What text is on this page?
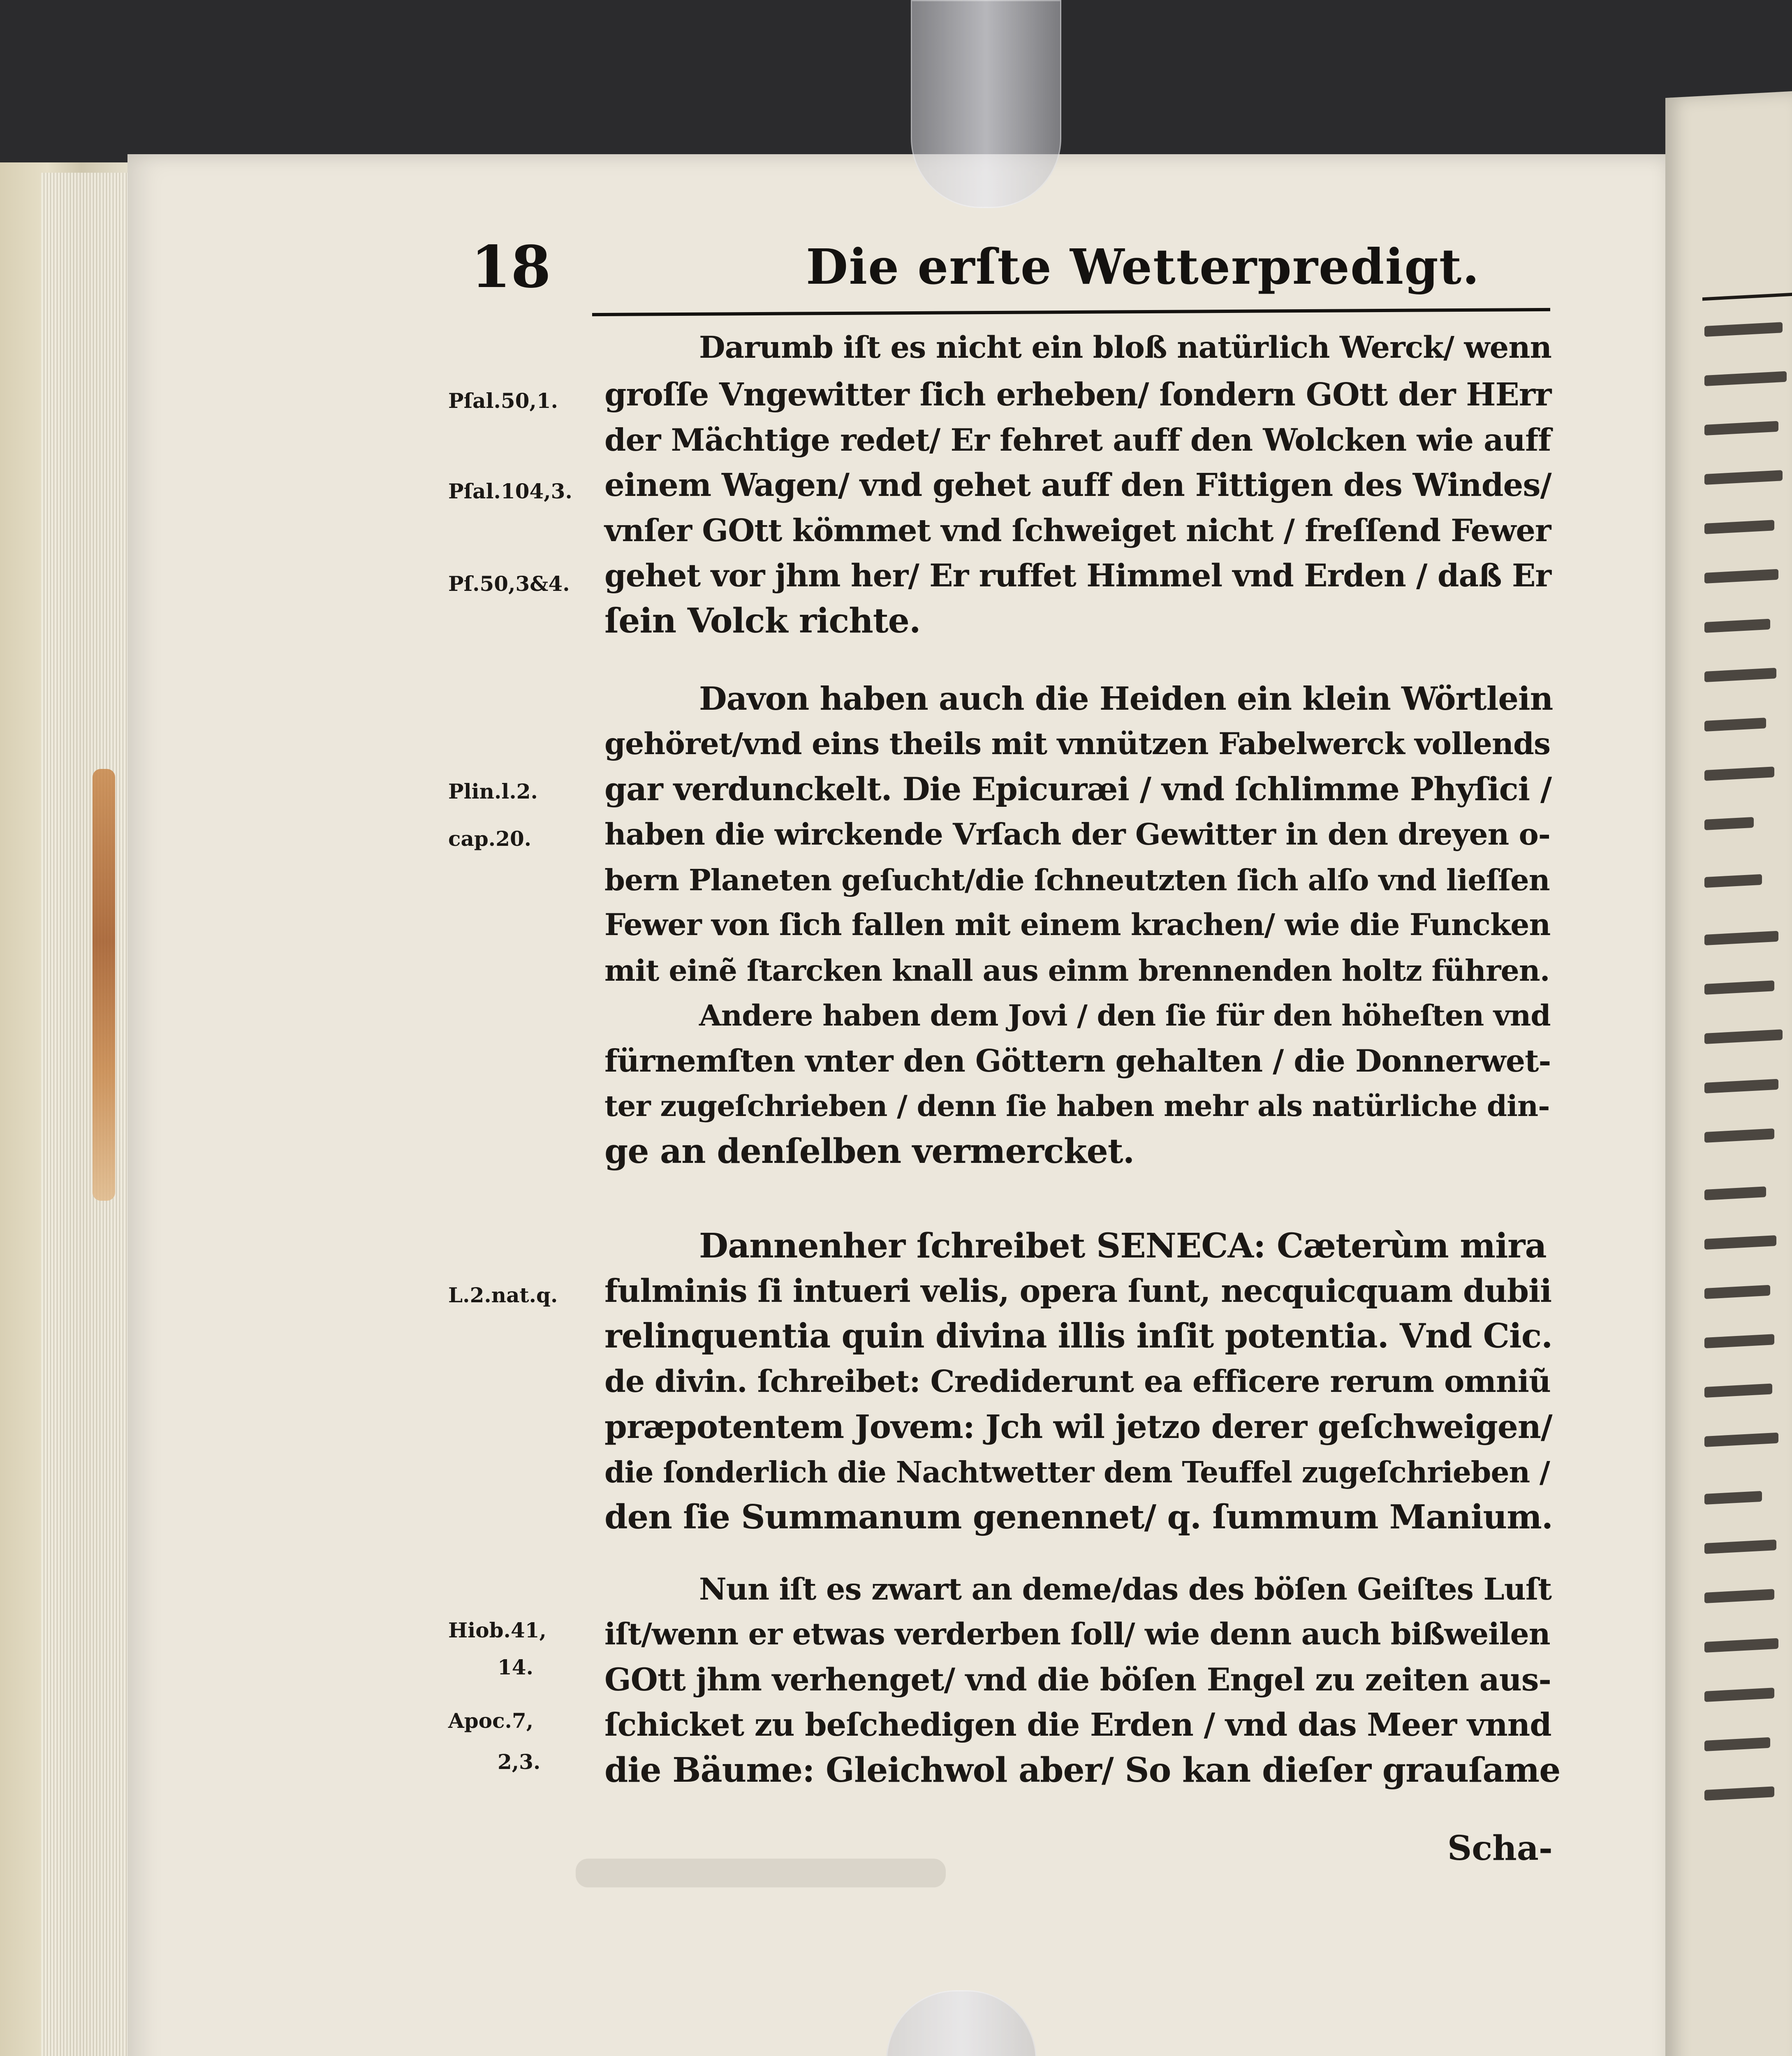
18	Die erſte Wetterpredigt.
Pſal.50,1.
Pſal.104,3.
Pſ.50,3&4.
Plin.l.2.
cap.20.
L.2.nat.q.
Hiob.41,
14.
Apoc.7,
2,3.
Darumb iſt es nicht ein bloß natürlich Werck/ wenn
groſſe Vngewitter ſich erheben/ ſondern GOtt der HErr
der Mächtige redet/ Er fehret auff den Wolcken wie auff
einem Wagen/ vnd gehet auff den Fittigen des Windes/
vnſer GOtt kömmet vnd ſchweiget nicht / freſſend Fewer
gehet vor jhm her/ Er ruffet Himmel vnd Erden / daß Er
ſein Volck richte.
Davon haben auch die Heiden ein klein Wörtlein
gehöret/vnd eins theils mit vnnützen Fabelwerck vollends
gar verdunckelt. Die Epicuræi / vnd ſchlimme Phyſici /
haben die wirckende Vrſach der Gewitter in den dreyen o-
bern Planeten geſucht/die ſchneutzten ſich alſo vnd lieſſen
Fewer von ſich fallen mit einem krachen/ wie die Funcken
mit einẽ ſtarcken knall aus einm brennenden holtz führen.
Andere haben dem Jovi / den ſie für den höheſten vnd
fürnemſten vnter den Göttern gehalten / die Donnerwet-
ter zugeſchrieben / denn ſie haben mehr als natürliche din-
ge an denſelben vermercket.
Dannenher ſchreibet SENECA: Cæterùm mira
fulminis ſi intueri velis, opera ſunt, necquicquam dubii
relinquentia quin divina illis inſit potentia. Vnd Cic.
de divin. ſchreibet: Crediderunt ea efficere rerum omniũ
præpotentem Jovem: Jch wil jetzo derer geſchweigen/
die ſonderlich die Nachtwetter dem Teuffel zugeſchrieben /
den ſie Summanum genennet/ q. ſummum Manium.
Nun iſt es zwart an deme/das des böſen Geiſtes Luſt
iſt/wenn er etwas verderben ſoll/ wie denn auch bißweilen
GOtt jhm verhenget/ vnd die böſen Engel zu zeiten aus-
ſchicket zu beſchedigen die Erden / vnd das Meer vnnd
die Bäume: Gleichwol aber/ So kan dieſer grauſame
Scha-
